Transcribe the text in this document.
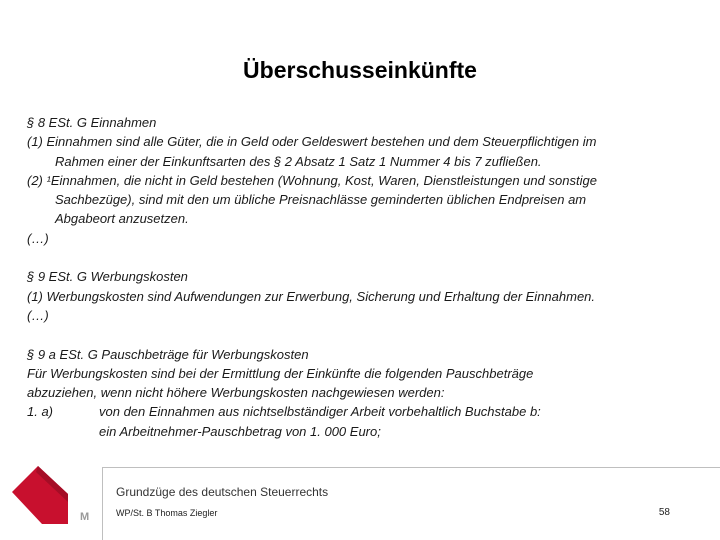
Überschusseinkünfte
§ 8 ESt. G Einnahmen
(1) Einnahmen sind alle Güter, die in Geld oder Geldeswert bestehen und dem Steuerpflichtigen im
Rahmen einer der Einkunftsarten des § 2 Absatz 1 Satz 1 Nummer 4 bis 7 zufließen.
(2) ¹Einnahmen, die nicht in Geld bestehen (Wohnung, Kost, Waren, Dienstleistungen und sonstige
Sachbezüge), sind mit den um übliche Preisnachlässe geminderten üblichen Endpreisen am
Abgabeort anzusetzen.
(…)
§ 9 ESt. G Werbungskosten
(1) Werbungskosten sind Aufwendungen zur Erwerbung, Sicherung und Erhaltung der Einnahmen.
(…)
§ 9 a ESt. G Pauschbeträge für Werbungskosten
Für Werbungskosten sind bei der Ermittlung der Einkünfte die folgenden Pauschbeträge
abzuziehen, wenn nicht höhere Werbungskosten nachgewiesen werden:
1. a)	von den Einnahmen aus nichtselbständiger Arbeit vorbehaltlich Buchstabe b:
ein Arbeitnehmer-Pauschbetrag von 1. 000 Euro;
M
Grundzüge des deutschen Steuerrechts
WP/St. B Thomas Ziegler	58
